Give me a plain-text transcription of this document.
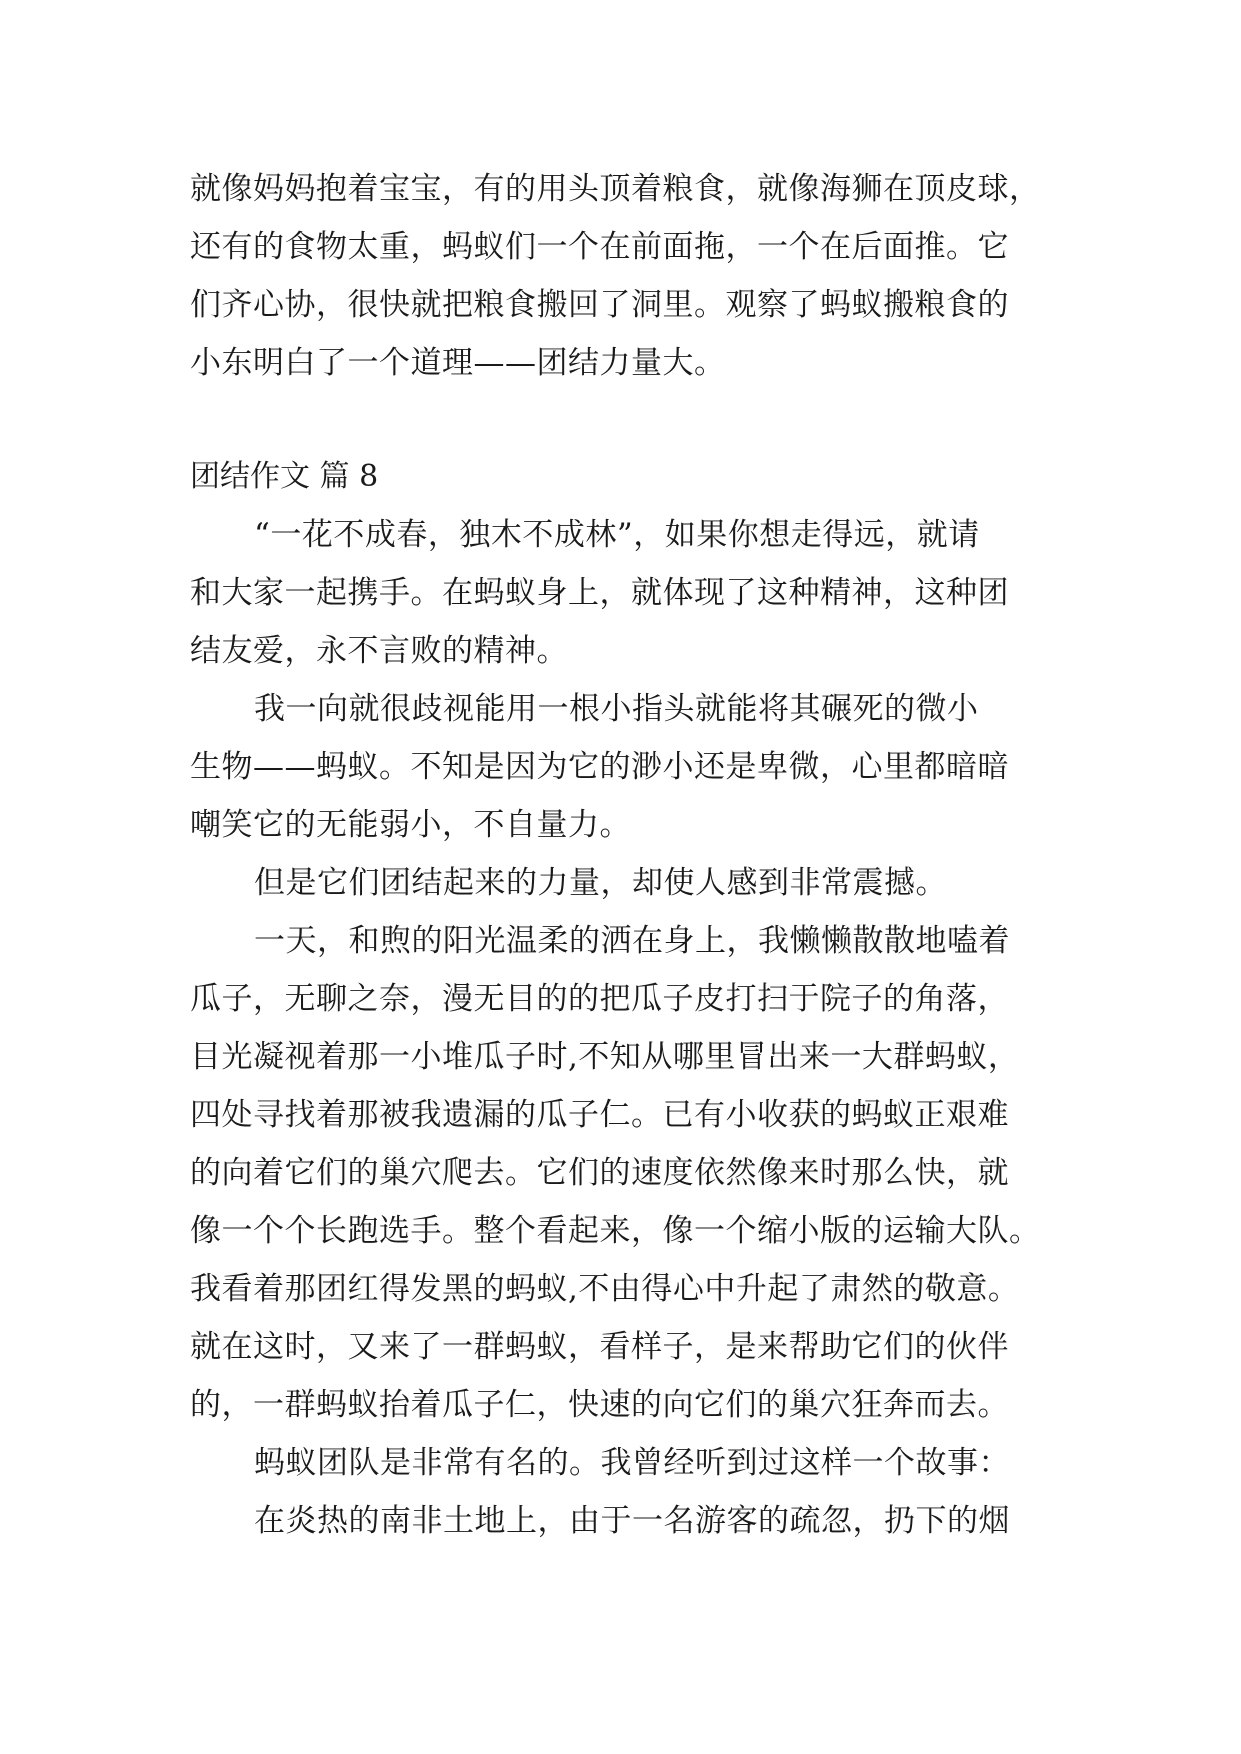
就像妈妈抱着宝宝，有的用头顶着粮食，就像海狮在顶皮球，
还有的食物太重，蚂蚁们一个在前面拖，一个在后面推。它
们齐心协，很快就把粮食搬回了洞里。观察了蚂蚁搬粮食的
小东明白了一个道理——团结力量大。
团结作文 篇 8
“一花不成春，独木不成林”，如果你想走得远，就请
和大家一起携手。在蚂蚁身上，就体现了这种精神，这种团
结友爱，永不言败的精神。
我一向就很歧视能用一根小指头就能将其碾死的微小
生物——蚂蚁。不知是因为它的渺小还是卑微，心里都暗暗
嘲笑它的无能弱小，不自量力。
但是它们团结起来的力量，却使人感到非常震撼。
一天，和煦的阳光温柔的洒在身上，我懒懒散散地嗑着
瓜子，无聊之奈，漫无目的的把瓜子皮打扫于院子的角落，
目光凝视着那一小堆瓜子时,不知从哪里冒出来一大群蚂蚁，
四处寻找着那被我遗漏的瓜子仁。已有小收获的蚂蚁正艰难
的向着它们的巢穴爬去。它们的速度依然像来时那么快，就
像一个个长跑选手。整个看起来，像一个缩小版的运输大队。
我看着那团红得发黑的蚂蚁,不由得心中升起了肃然的敬意。
就在这时，又来了一群蚂蚁，看样子，是来帮助它们的伙伴
的，一群蚂蚁抬着瓜子仁，快速的向它们的巢穴狂奔而去。
蚂蚁团队是非常有名的。我曾经听到过这样一个故事：
在炎热的南非土地上，由于一名游客的疏忽，扔下的烟
